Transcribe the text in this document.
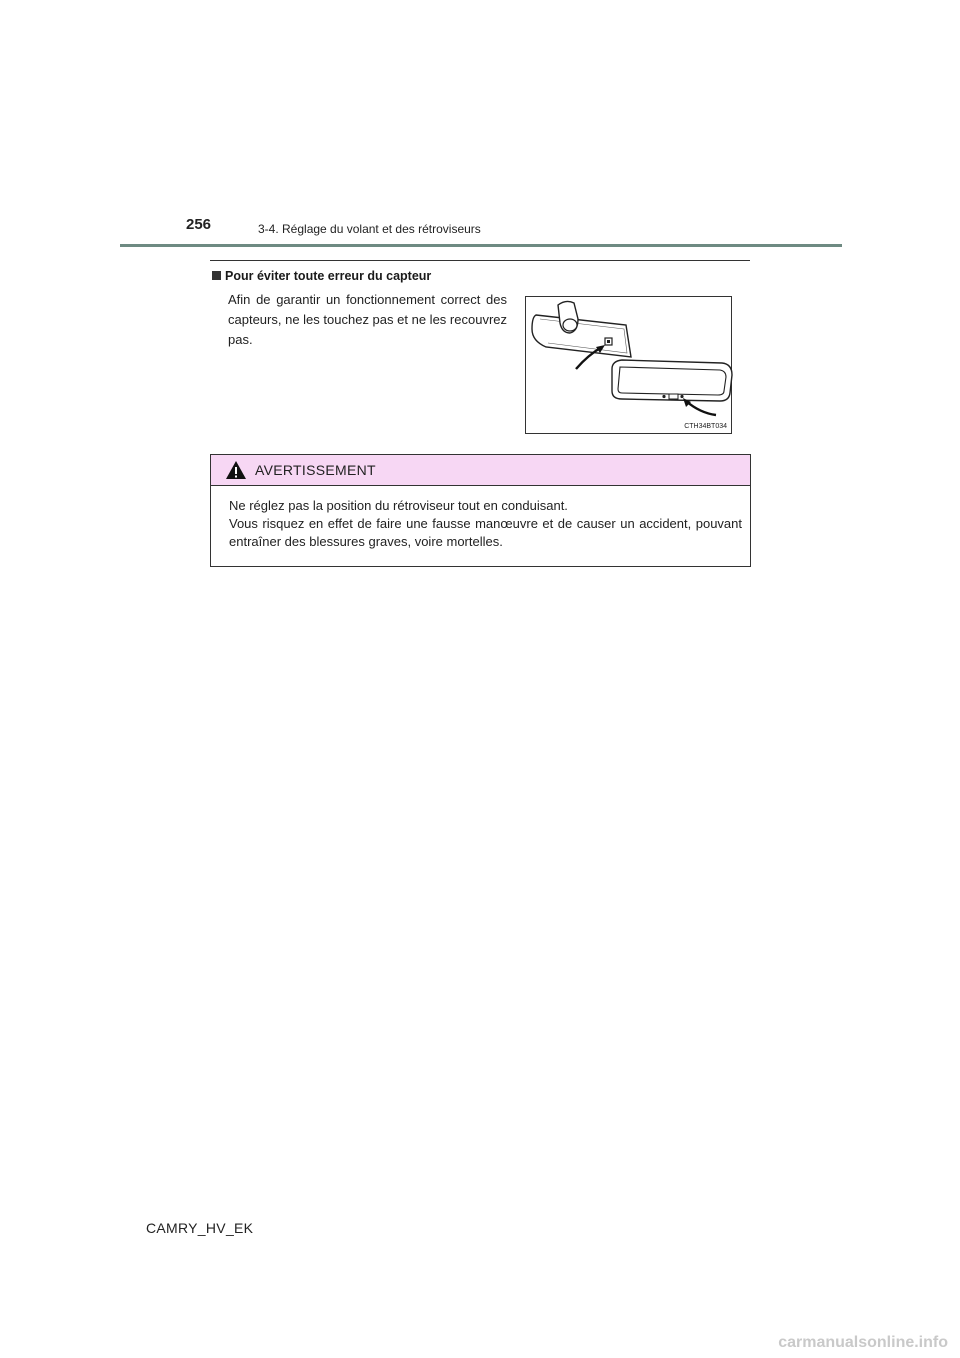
256	3-4. Réglage du volant et des rétroviseurs
Pour éviter toute erreur du capteur
Afin de garantir un fonctionnement correct des capteurs, ne les touchez pas et ne les recouvrez pas.
CTH34BT034
AVERTISSEMENT

Ne réglez pas la position du rétroviseur tout en conduisant.

Vous risquez en effet de faire une fausse manœuvre et de causer un accident, pouvant entraîner des blessures graves, voire mortelles.

CAMRY_HV_EK
carmanualsonline.info
